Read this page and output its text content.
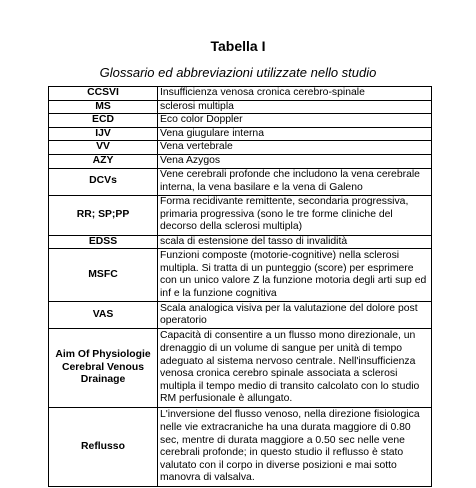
Tabella I
Glossario ed abbreviazioni utilizzate nello studio
CCSVI	Insufficienza venosa cronica cerebro-spinale
MS	sclerosi multipla
ECD	Eco color Doppler
IJV	Vena giugulare interna
VV	Vena vertebrale
AZY	Vena Azygos
DCVs	Vene cerebrali profonde che includono la vena cerebrale interna, la vena basilare e la vena di Galeno
RR; SP;PP	Forma recidivante remittente, secondaria progressiva, primaria progressiva (sono le tre forme cliniche del decorso della sclerosi multipla)
EDSS	scala di estensione del tasso di invalidità
MSFC	Funzioni composte (motorie-cognitive) nella sclerosi multipla. Si tratta di un punteggio (score) per esprimere con un unico valore Z la funzione motoria degli arti sup ed inf e la funzione cognitiva
VAS	Scala analogica visiva per la valutazione del dolore post operatorio
Aim Of Physiologie Cerebral Venous Drainage	Capacità di consentire a un flusso mono direzionale, un drenaggio di un volume di sangue per unità di tempo adeguato al sistema nervoso centrale. Nell'insufficienza venosa cronica cerebro spinale associata a sclerosi multipla il tempo medio di transito calcolato con lo studio RM perfusionale è allungato.
Reflusso	L'inversione del flusso venoso, nella direzione fisiologica nelle vie extracraniche ha una durata maggiore di 0.80 sec, mentre di durata maggiore a 0.50 sec nelle vene cerebrali profonde; in questo studio il reflusso è stato valutato con il corpo in diverse posizioni e mai sotto manovra di valsalva.
